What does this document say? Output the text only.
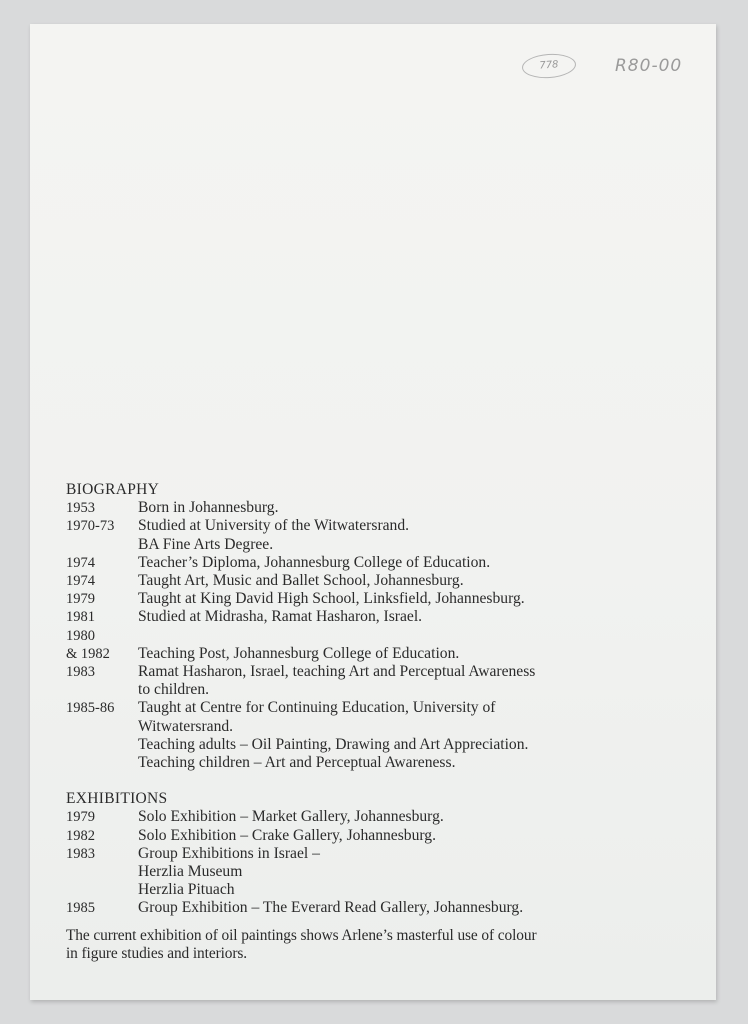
778	R80-00
BIOGRAPHY
1953	Born in Johannesburg.
1970-73	Studied at University of the Witwatersrand.
BA Fine Arts Degree.
1974	Teacher’s Diploma, Johannesburg College of Education.
1974	Taught Art, Music and Ballet School, Johannesburg.
1979	Taught at King David High School, Linksfield, Johannesburg.
1981	Studied at Midrasha, Ramat Hasharon, Israel.
1980

& 1982	Teaching Post, Johannesburg College of Education.
1983	Ramat Hasharon, Israel, teaching Art and Perceptual Awareness
to children.
1985-86	Taught at Centre for Continuing Education, University of
Witwatersrand.
Teaching adults – Oil Painting, Drawing and Art Appreciation.
Teaching children – Art and Perceptual Awareness.
EXHIBITIONS
1979	Solo Exhibition – Market Gallery, Johannesburg.
1982	Solo Exhibition – Crake Gallery, Johannesburg.
1983	Group Exhibitions in Israel –
Herzlia Museum
Herzlia Pituach
1985	Group Exhibition – The Everard Read Gallery, Johannesburg.
The current exhibition of oil paintings shows Arlene’s masterful use of colour
in figure studies and interiors.
